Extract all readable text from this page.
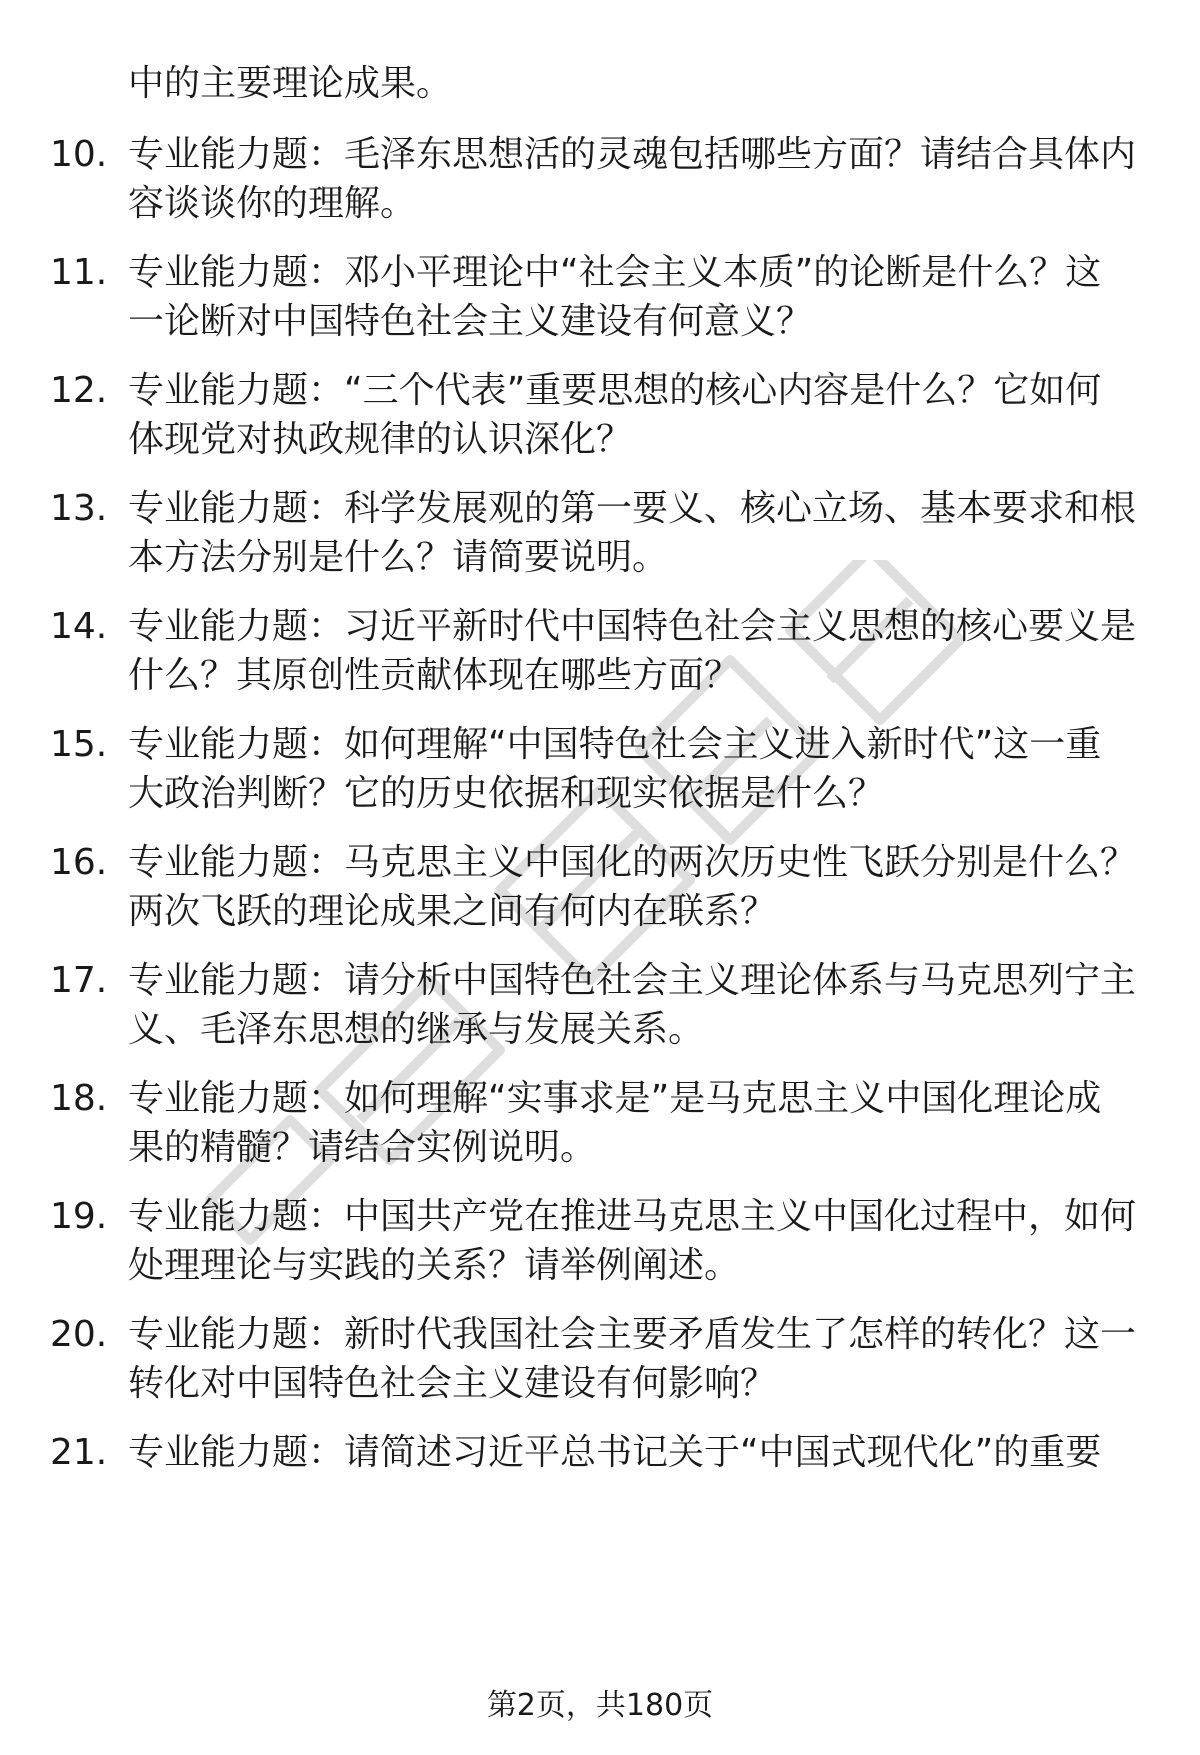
中的主要理论成果。
10. 专业能力题：毛泽东思想活的灵魂包括哪些方面？请结合具体内
容谈谈你的理解。
11. 专业能力题：邓小平理论中“社会主义本质”的论断是什么？这
一论断对中国特色社会主义建设有何意义？
12. 专业能力题：“三个代表”重要思想的核心内容是什么？它如何
体现党对执政规律的认识深化？
13. 专业能力题：科学发展观的第一要义、核心立场、基本要求和根
本方法分别是什么？请简要说明。
14. 专业能力题：习近平新时代中国特色社会主义思想的核心要义是
什么？其原创性贡献体现在哪些方面？
15. 专业能力题：如何理解“中国特色社会主义进入新时代”这一重
大政治判断？它的历史依据和现实依据是什么？
16. 专业能力题：马克思主义中国化的两次历史性飞跃分别是什么？
两次飞跃的理论成果之间有何内在联系？
17. 专业能力题：请分析中国特色社会主义理论体系与马克思列宁主
义、毛泽东思想的继承与发展关系。
18. 专业能力题：如何理解“实事求是”是马克思主义中国化理论成
果的精髓？请结合实例说明。
19. 专业能力题：中国共产党在推进马克思主义中国化过程中，如何
处理理论与实践的关系？请举例阐述。
20. 专业能力题：新时代我国社会主要矛盾发生了怎样的转化？这一
转化对中国特色社会主义建设有何影响？
21. 专业能力题：请简述习近平总书记关于“中国式现代化”的重要
第2页，共180页
